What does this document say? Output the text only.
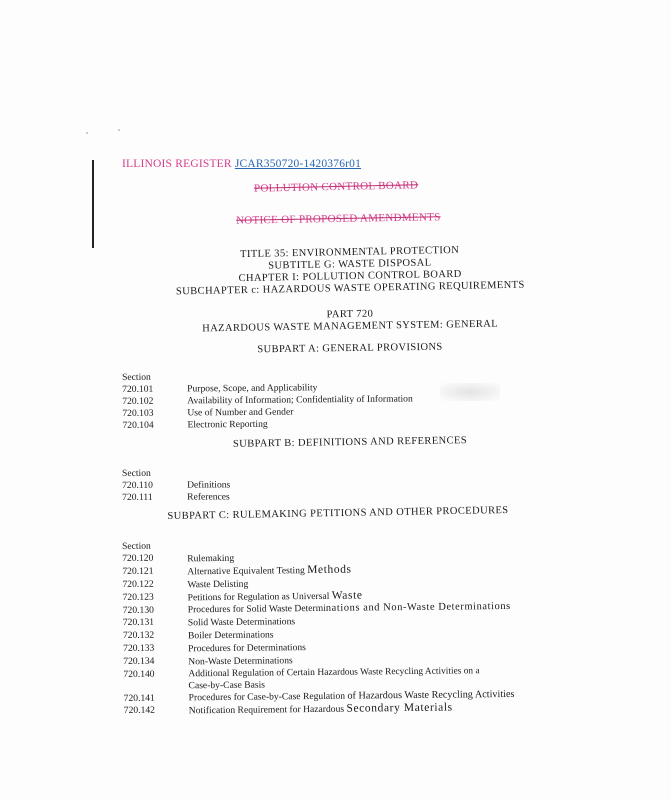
ILLINOIS REGISTER JCAR350720-1420376r01
POLLUTION CONTROL BOARD
NOTICE OF PROPOSED AMENDMENTS
TITLE 35: ENVIRONMENTAL PROTECTION
SUBTITLE G: WASTE DISPOSAL
CHAPTER I: POLLUTION CONTROL BOARD
SUBCHAPTER c: HAZARDOUS WASTE OPERATING REQUIREMENTS
PART 720
HAZARDOUS WASTE MANAGEMENT SYSTEM: GENERAL
SUBPART A: GENERAL PROVISIONS
Section
720.101	Purpose, Scope, and Applicability
720.102	Availability of Information; Confidentiality of Information
720.103	Use of Number and Gender
720.104	Electronic Reporting
SUBPART B: DEFINITIONS AND REFERENCES
Section
720.110	Definitions
720.111	References
SUBPART C: RULEMAKING PETITIONS AND OTHER PROCEDURES
Section
720.120	Rulemaking
720.121	Alternative Equivalent Testing Methods
720.122	Waste Delisting
720.123	Petitions for Regulation as Universal Waste
720.130	Procedures for Solid Waste Determinations and Non-Waste Determinations
720.131	Solid Waste Determinations
720.132	Boiler Determinations
720.133	Procedures for Determinations
720.134	Non-Waste Determinations
720.140	Additional Regulation of Certain Hazardous Waste Recycling Activities on a
Case-by-Case Basis
720.141	Procedures for Case-by-Case Regulation of Hazardous Waste Recycling Activities
720.142	Notification Requirement for Hazardous Secondary Materials
